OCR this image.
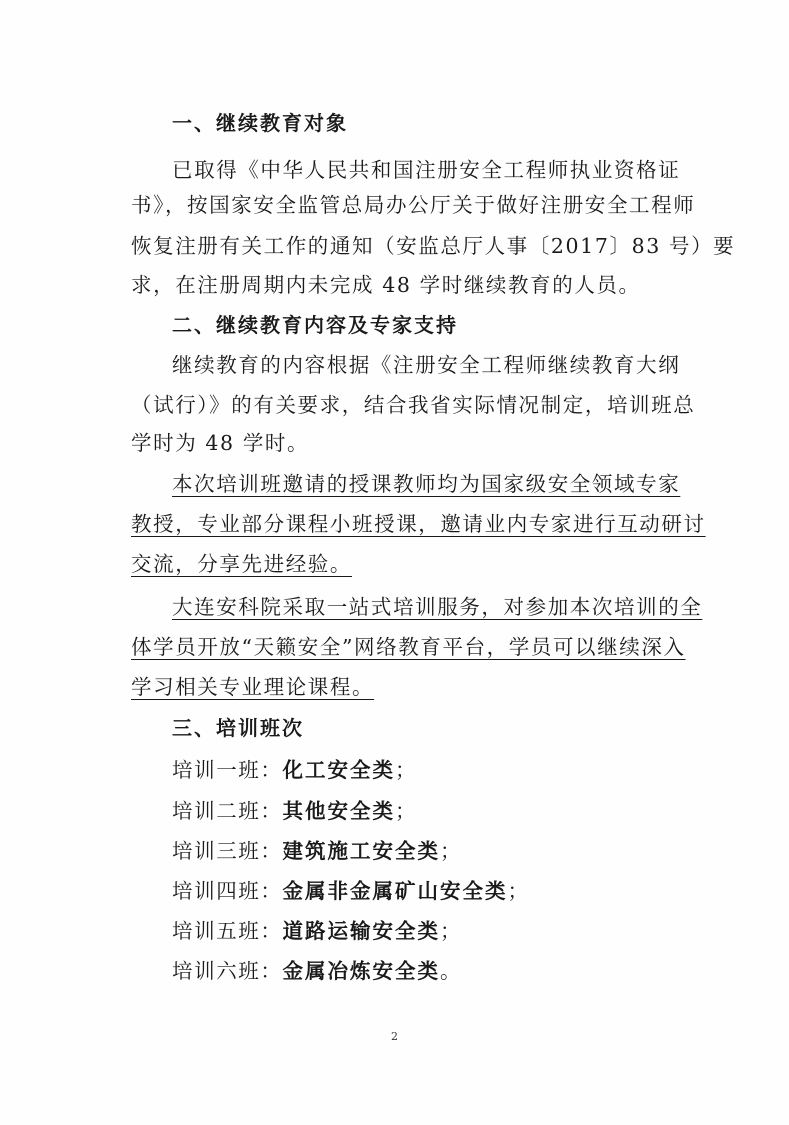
一、继续教育对象
已取得《中华人民共和国注册安全工程师执业资格证
书》，按国家安全监管总局办公厅关于做好注册安全工程师
恢复注册有关工作的通知（安监总厅人事〔2017〕83 号）要
求，在注册周期内未完成 48 学时继续教育的人员。
二、继续教育内容及专家支持
继续教育的内容根据《注册安全工程师继续教育大纲
（试行）》的有关要求，结合我省实际情况制定，培训班总
学时为 48 学时。
本次培训班邀请的授课教师均为国家级安全领域专家
教授，专业部分课程小班授课，邀请业内专家进行互动研讨
交流，分享先进经验。
大连安科院采取一站式培训服务，对参加本次培训的全
体学员开放“天籁安全”网络教育平台，学员可以继续深入
学习相关专业理论课程。
三、培训班次
培训一班：化工安全类；
培训二班：其他安全类；
培训三班：建筑施工安全类；
培训四班：金属非金属矿山安全类；
培训五班：道路运输安全类；
培训六班：金属冶炼安全类。
2
